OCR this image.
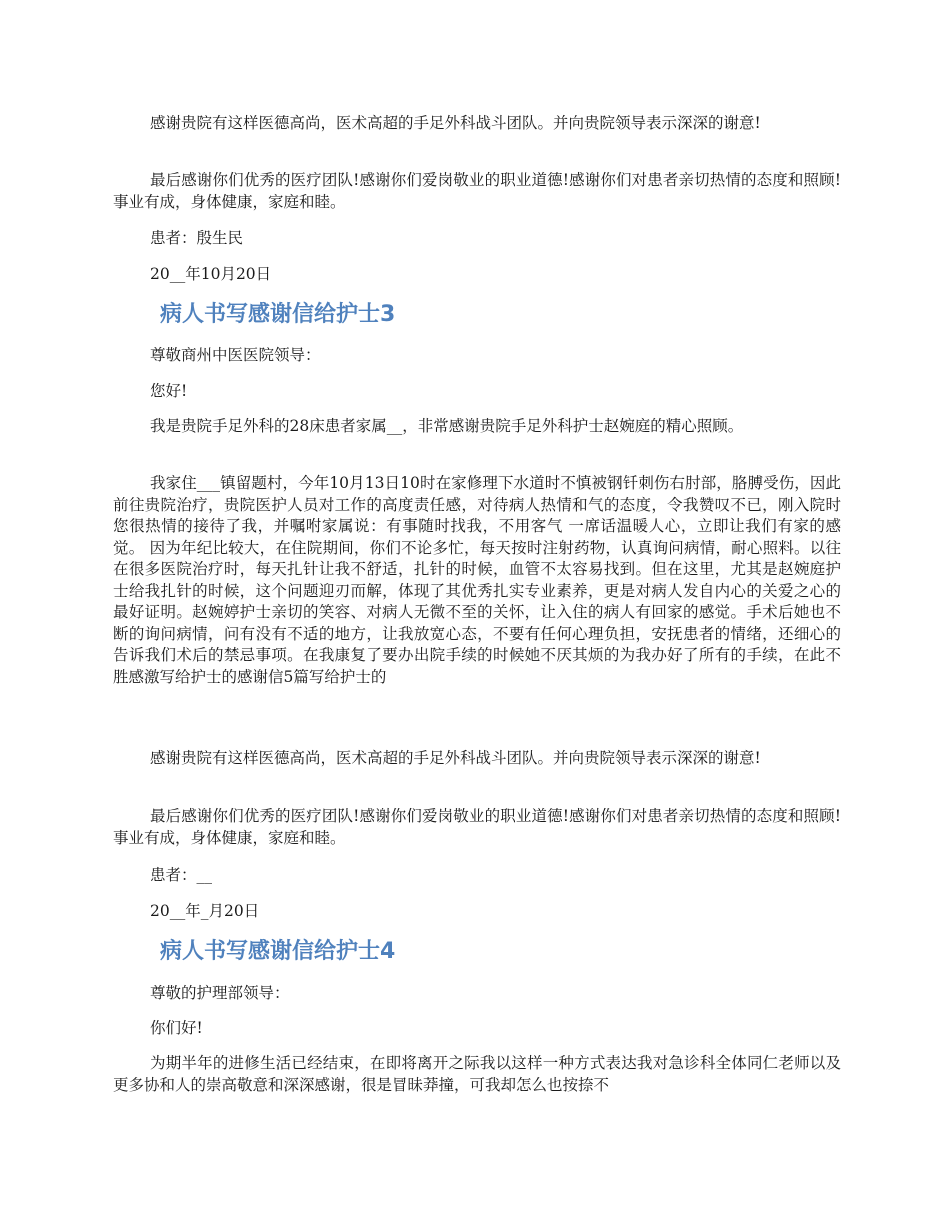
感谢贵院有这样医德高尚，医术高超的手足外科战斗团队。并向贵院领导表示深深的谢意!

最后感谢你们优秀的医疗团队!感谢你们爱岗敬业的职业道德!感谢你们对患者亲切热情的态度和照顾!事业有成，身体健康，家庭和睦。

患者：殷生民

20__年10月20日

病人书写感谢信给护士3

尊敬商州中医医院领导：

您好!

我是贵院手足外科的28床患者家属__，非常感谢贵院手足外科护士赵婉庭的精心照顾。

我家住___镇留题村，今年10月13日10时在家修理下水道时不慎被钢钎刺伤右肘部，胳膊受伤，因此前往贵院治疗，贵院医护人员对工作的高度责任感，对待病人热情和气的态度，令我赞叹不已，刚入院时您很热情的接待了我，并嘱咐家属说：有事随时找我，不用客气 一席话温暖人心，立即让我们有家的感觉。 因为年纪比较大，在住院期间，你们不论多忙，每天按时注射药物，认真询问病情，耐心照料。以往在很多医院治疗时，每天扎针让我不舒适，扎针的时候，血管不太容易找到。但在这里，尤其是赵婉庭护士给我扎针的时候，这个问题迎刃而解，体现了其优秀扎实专业素养，更是对病人发自内心的关爱之心的最好证明。赵婉婷护士亲切的笑容、对病人无微不至的关怀，让入住的病人有回家的感觉。手术后她也不断的询问病情，问有没有不适的地方，让我放宽心态，不要有任何心理负担，安抚患者的情绪，还细心的告诉我们术后的禁忌事项。在我康复了要办出院手续的时候她不厌其烦的为我办好了所有的手续，在此不胜感激写给护士的感谢信5篇写给护士的

感谢贵院有这样医德高尚，医术高超的手足外科战斗团队。并向贵院领导表示深深的谢意!

最后感谢你们优秀的医疗团队!感谢你们爱岗敬业的职业道德!感谢你们对患者亲切热情的态度和照顾!事业有成，身体健康，家庭和睦。

患者：__

20__年_月20日

病人书写感谢信给护士4

尊敬的护理部领导：

你们好!

为期半年的进修生活已经结束，在即将离开之际我以这样一种方式表达我对急诊科全体同仁老师以及更多协和人的崇高敬意和深深感谢，很是冒昧莽撞，可我却怎么也按捺不
